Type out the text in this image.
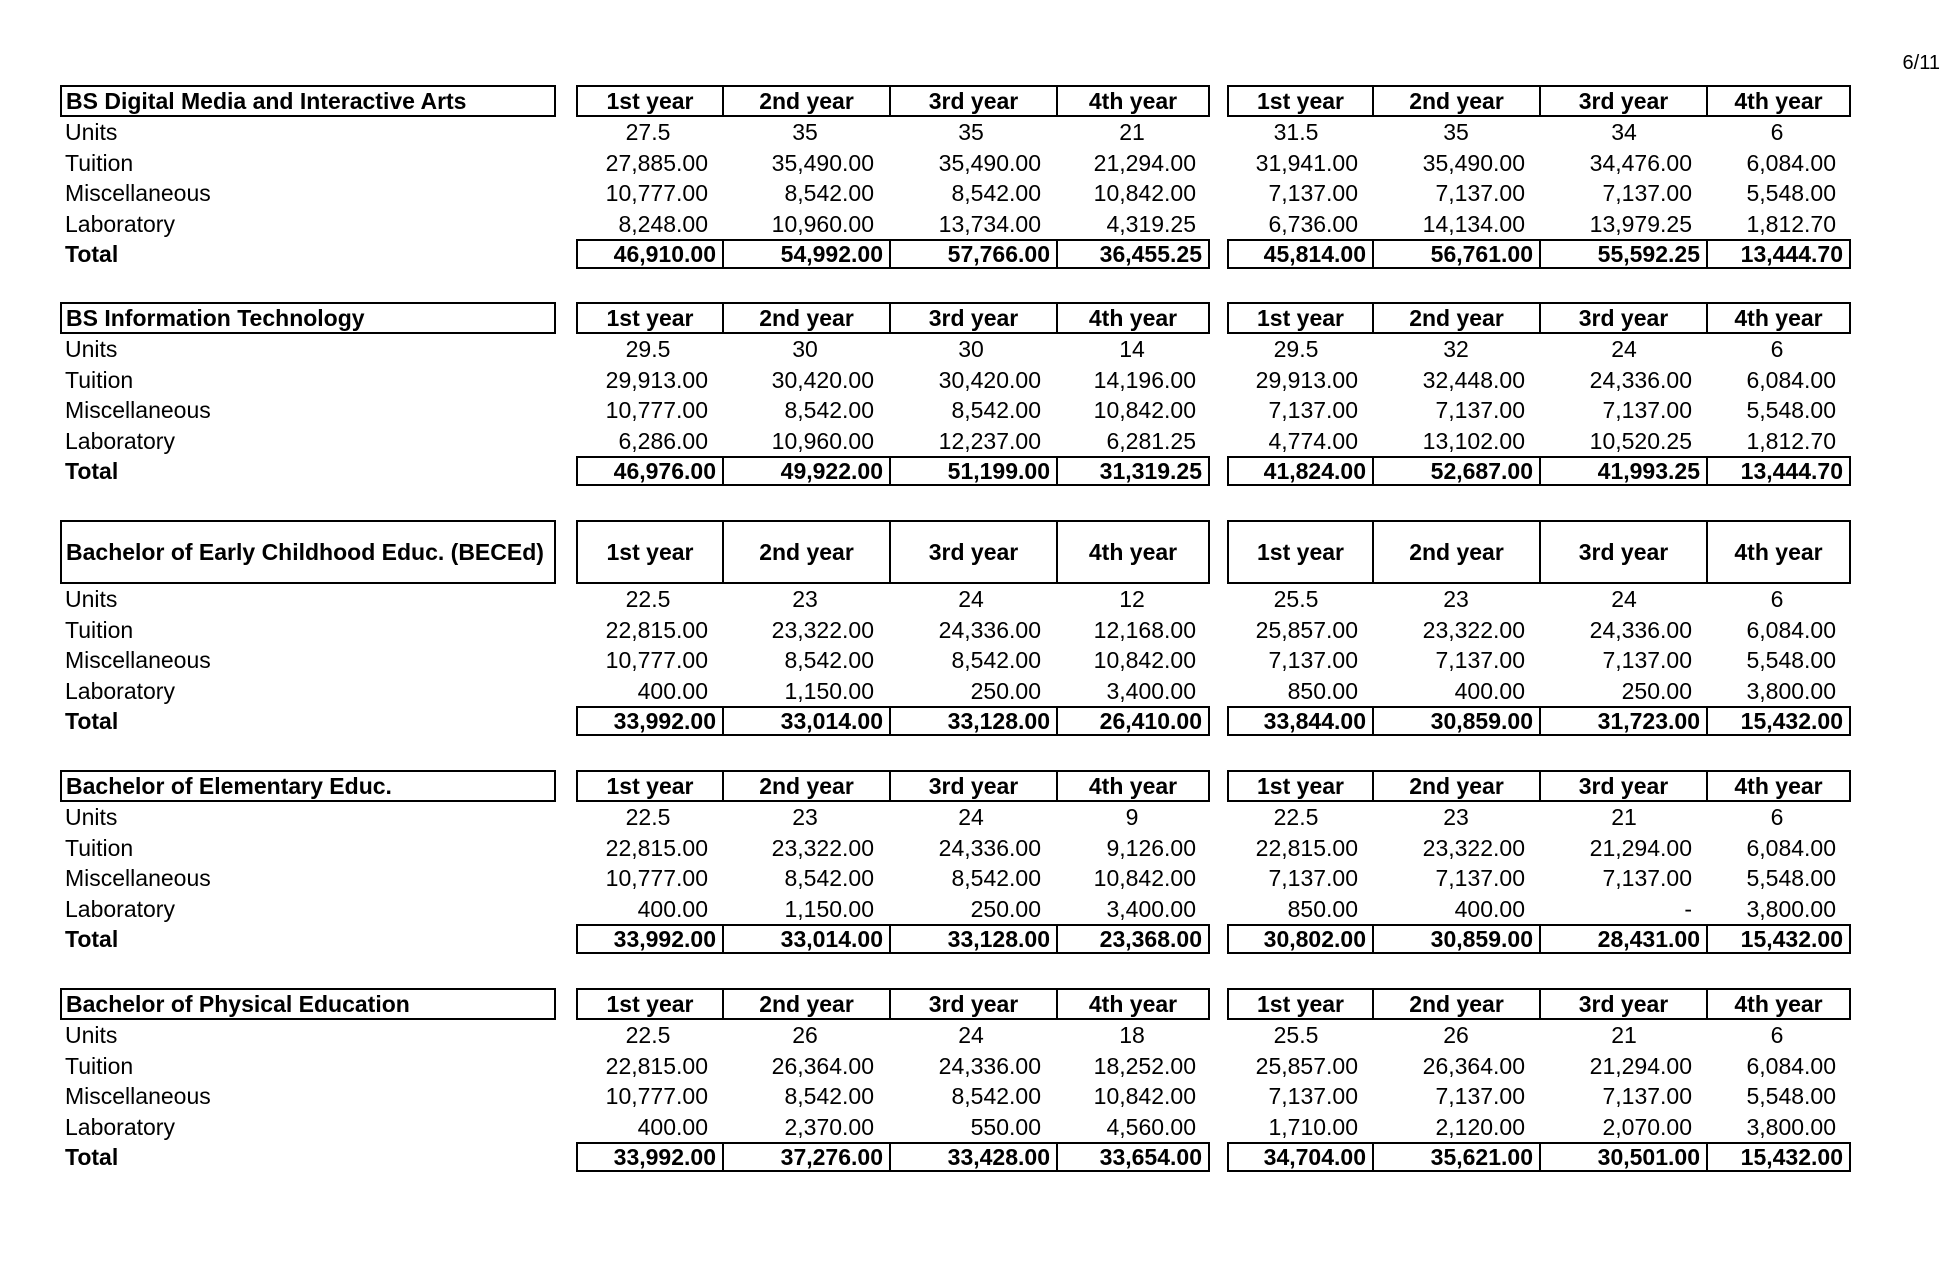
6/11
BS Digital Media and Interactive Arts	1st year	2nd year	3rd year	4th year	1st year	2nd year	3rd year	4th year
Units	27.5	35	35	21	31.5	35	34	6
Tuition	27,885.00	35,490.00	35,490.00	21,294.00	31,941.00	35,490.00	34,476.00	6,084.00
Miscellaneous	10,777.00	8,542.00	8,542.00	10,842.00	7,137.00	7,137.00	7,137.00	5,548.00
Laboratory	8,248.00	10,960.00	13,734.00	4,319.25	6,736.00	14,134.00	13,979.25	1,812.70
Total	46,910.00	54,992.00	57,766.00	36,455.25	45,814.00	56,761.00	55,592.25	13,444.70
BS Information Technology	1st year	2nd year	3rd year	4th year	1st year	2nd year	3rd year	4th year
Units	29.5	30	30	14	29.5	32	24	6
Tuition	29,913.00	30,420.00	30,420.00	14,196.00	29,913.00	32,448.00	24,336.00	6,084.00
Miscellaneous	10,777.00	8,542.00	8,542.00	10,842.00	7,137.00	7,137.00	7,137.00	5,548.00
Laboratory	6,286.00	10,960.00	12,237.00	6,281.25	4,774.00	13,102.00	10,520.25	1,812.70
Total	46,976.00	49,922.00	51,199.00	31,319.25	41,824.00	52,687.00	41,993.25	13,444.70
Bachelor of Early Childhood Educ. (BECEd)	1st year	2nd year	3rd year	4th year	1st year	2nd year	3rd year	4th year
Units	22.5	23	24	12	25.5	23	24	6
Tuition	22,815.00	23,322.00	24,336.00	12,168.00	25,857.00	23,322.00	24,336.00	6,084.00
Miscellaneous	10,777.00	8,542.00	8,542.00	10,842.00	7,137.00	7,137.00	7,137.00	5,548.00
Laboratory	400.00	1,150.00	250.00	3,400.00	850.00	400.00	250.00	3,800.00
Total	33,992.00	33,014.00	33,128.00	26,410.00	33,844.00	30,859.00	31,723.00	15,432.00
Bachelor of Elementary Educ.	1st year	2nd year	3rd year	4th year	1st year	2nd year	3rd year	4th year
Units	22.5	23	24	9	22.5	23	21	6
Tuition	22,815.00	23,322.00	24,336.00	9,126.00	22,815.00	23,322.00	21,294.00	6,084.00
Miscellaneous	10,777.00	8,542.00	8,542.00	10,842.00	7,137.00	7,137.00	7,137.00	5,548.00
Laboratory	400.00	1,150.00	250.00	3,400.00	850.00	400.00	-	3,800.00
Total	33,992.00	33,014.00	33,128.00	23,368.00	30,802.00	30,859.00	28,431.00	15,432.00
Bachelor of Physical Education	1st year	2nd year	3rd year	4th year	1st year	2nd year	3rd year	4th year
Units	22.5	26	24	18	25.5	26	21	6
Tuition	22,815.00	26,364.00	24,336.00	18,252.00	25,857.00	26,364.00	21,294.00	6,084.00
Miscellaneous	10,777.00	8,542.00	8,542.00	10,842.00	7,137.00	7,137.00	7,137.00	5,548.00
Laboratory	400.00	2,370.00	550.00	4,560.00	1,710.00	2,120.00	2,070.00	3,800.00
Total	33,992.00	37,276.00	33,428.00	33,654.00	34,704.00	35,621.00	30,501.00	15,432.00
